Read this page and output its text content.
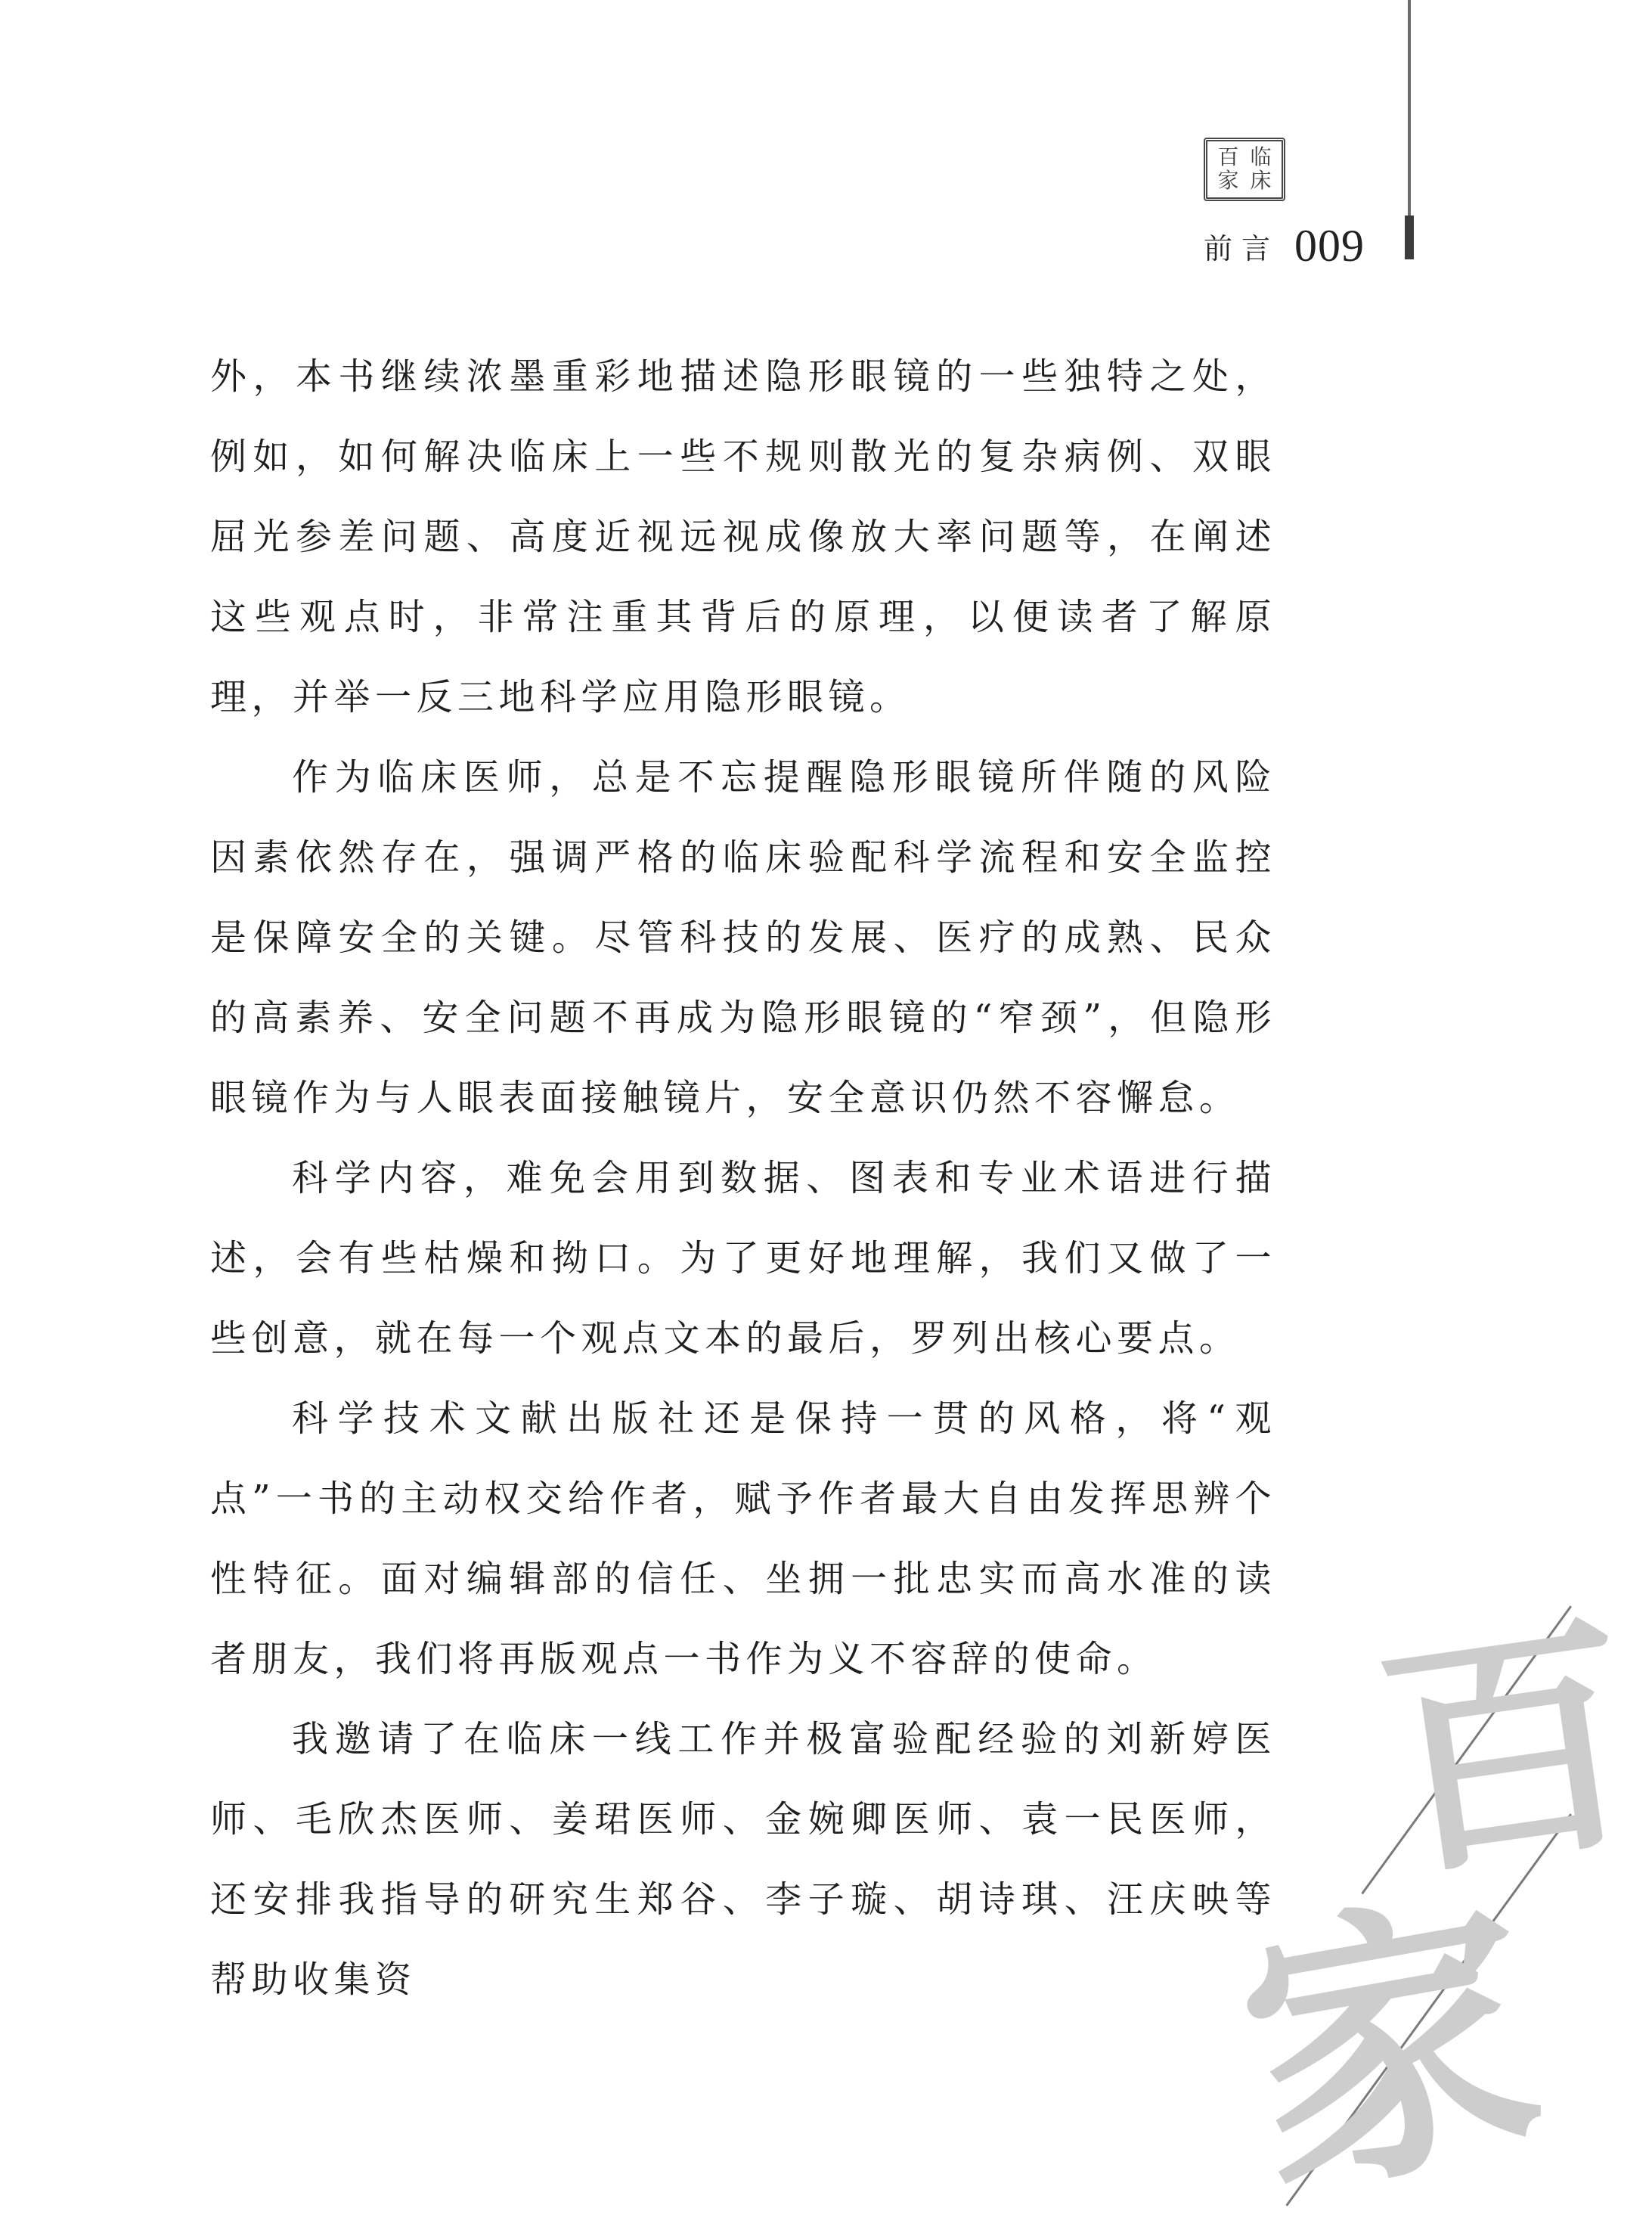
百 临
家 床
前言 009

外，本书继续浓墨重彩地描述隐形眼镜的一些独特之处，例如，如何解决临床上一些不规则散光的复杂病例、双眼屈光参差问题、高度近视远视成像放大率问题等，在阐述这些观点时，非常注重其背后的原理，以便读者了解原理，并举一反三地科学应用隐形眼镜。

作为临床医师，总是不忘提醒隐形眼镜所伴随的风险因素依然存在，强调严格的临床验配科学流程和安全监控是保障安全的关键。尽管科技的发展、医疗的成熟、民众的高素养、安全问题不再成为隐形眼镜的“窄颈”，但隐形眼镜作为与人眼表面接触镜片，安全意识仍然不容懈怠。

科学内容，难免会用到数据、图表和专业术语进行描述，会有些枯燥和拗口。为了更好地理解，我们又做了一些创意，就在每一个观点文本的最后，罗列出核心要点。

科学技术文献出版社还是保持一贯的风格，将“观点”一书的主动权交给作者，赋予作者最大自由发挥思辨个性特征。面对编辑部的信任、坐拥一批忠实而高水准的读者朋友，我们将再版观点一书作为义不容辞的使命。

我邀请了在临床一线工作并极富验配经验的刘新婷医师、毛欣杰医师、姜珺医师、金婉卿医师、袁一民医师，还安排我指导的研究生郑谷、李子璇、胡诗琪、汪庆映等帮助收集资

百
家
